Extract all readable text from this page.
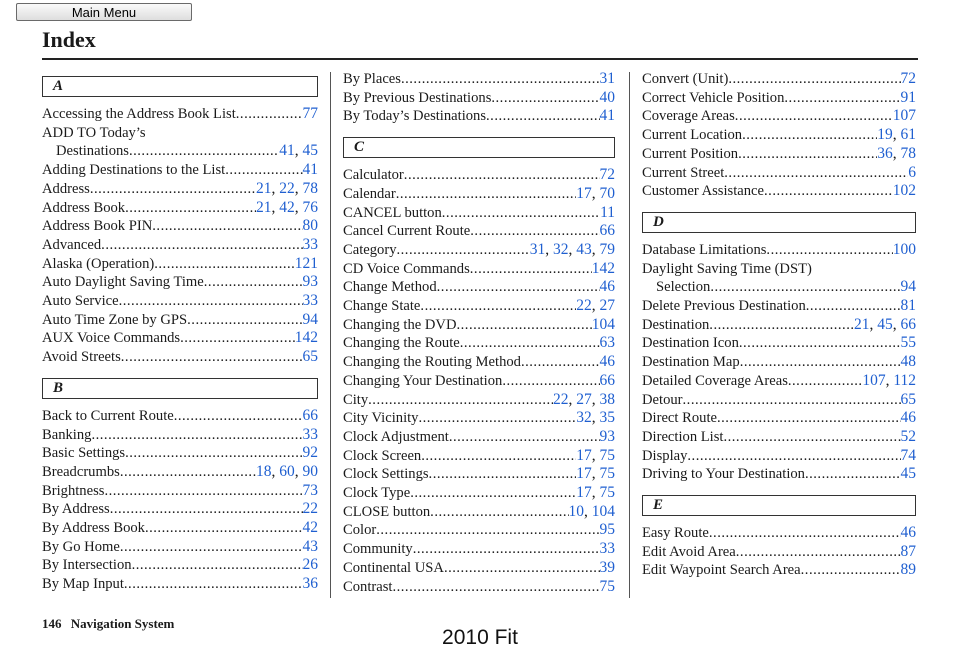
Main Menu
Index
A
Accessing the Address Book List .....	77
ADD TO Today’s
Destinations .....	41, 45
Adding Destinations to the List .....	41
Address .....	21, 22, 78
Address Book .....	21, 42, 76
Address Book PIN .....	80
Advanced .....	33
Alaska (Operation) .....	121
Auto Daylight Saving Time .....	93
Auto Service .....	33
Auto Time Zone by GPS .....	94
AUX Voice Commands .....	142
Avoid Streets .....	65
B
Back to Current Route .....	66
Banking .....	33
Basic Settings .....	92
Breadcrumbs .....	18, 60, 90
Brightness .....	73
By Address .....	22
By Address Book .....	42
By Go Home .....	43
By Intersection .....	26
By Map Input .....	36
By Places .....	31
By Previous Destinations .....	40
By Today’s Destinations .....	41
C
Calculator .....	72
Calendar .....	17, 70
CANCEL button .....	11
Cancel Current Route .....	66
Category .....	31, 32, 43, 79
CD Voice Commands .....	142
Change Method .....	46
Change State .....	22, 27
Changing the DVD .....	104
Changing the Route .....	63
Changing the Routing Method .....	46
Changing Your Destination .....	66
City .....	22, 27, 38
City Vicinity .....	32, 35
Clock Adjustment .....	93
Clock Screen .....	17, 75
Clock Settings .....	17, 75
Clock Type .....	17, 75
CLOSE button .....	10, 104
Color .....	95
Community .....	33
Continental USA .....	39
Contrast .....	75
Convert (Unit) .....	72
Correct Vehicle Position .....	91
Coverage Areas .....	107
Current Location .....	19, 61
Current Position .....	36, 78
Current Street .....	6
Customer Assistance .....	102
D
Database Limitations .....	100
Daylight Saving Time (DST)
Selection .....	94
Delete Previous Destination .....	81
Destination .....	21, 45, 66
Destination Icon .....	55
Destination Map .....	48
Detailed Coverage Areas .....	107, 112
Detour .....	65
Direct Route .....	46
Direction List .....	52
Display .....	74
Driving to Your Destination .....	45
E
Easy Route .....	46
Edit Avoid Area .....	87
Edit Waypoint Search Area .....	89
146 Navigation System
2010 Fit
